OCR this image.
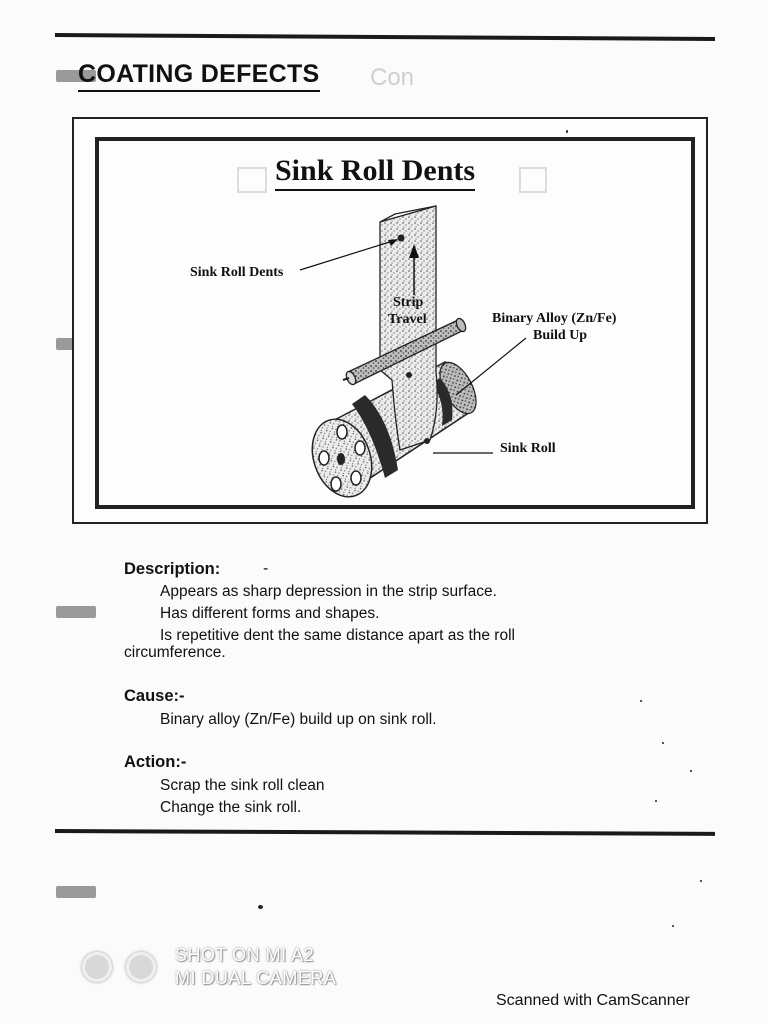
COATING DEFECTS Con
Sink Roll Dents
Sink Roll Dents
Strip
Travel	Binary Alloy (Zn/Fe)
Build Up
Sink Roll
Description:	-
Appears as sharp depression in the strip surface.
Has different forms and shapes.
Is repetitive dent the same distance apart as the roll
circumference.
Cause:-
Binary alloy (Zn/Fe) build up on sink roll.
Action:-
Scrap the sink roll clean
Change the sink roll.
SHOT ON MI A2
MI DUAL CAMERA
Scanned with CamScanner
